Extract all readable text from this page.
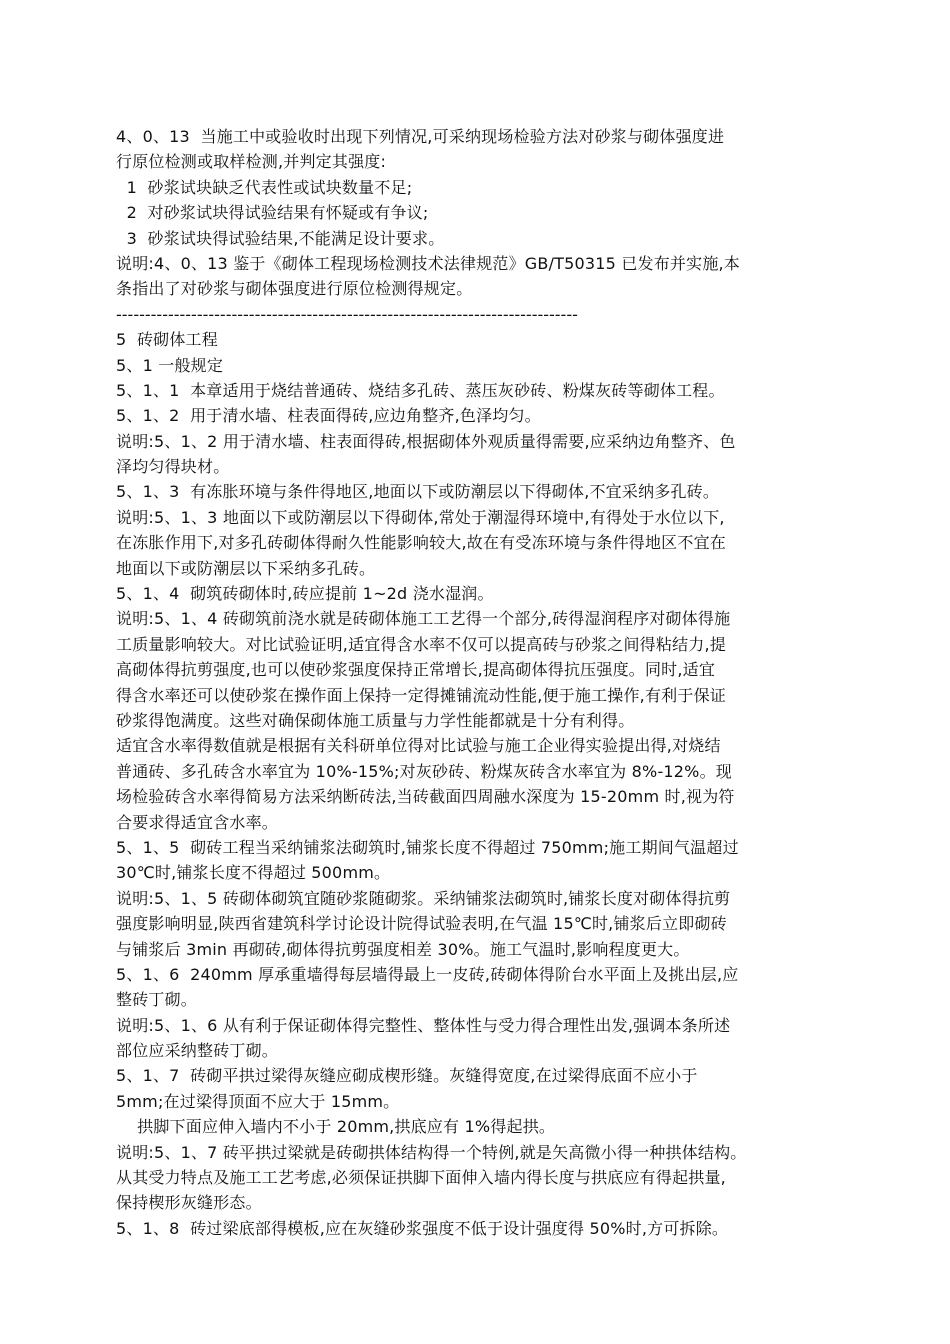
4、0、13  当施工中或验收时出现下列情况,可采纳现场检验方法对砂浆与砌体强度进
行原位检测或取样检测,并判定其强度:
1  砂浆试块缺乏代表性或试块数量不足;
2  对砂浆试块得试验结果有怀疑或有争议;
3  砂浆试块得试验结果,不能满足设计要求。
说明:4、0、13 鉴于《砌体工程现场检测技术法律规范》GB/T50315 已发布并实施,本
条指出了对砂浆与砌体强度进行原位检测得规定。
--------------------------------------------------------------------------------
5  砖砌体工程
5、1 一般规定
5、1、1  本章适用于烧结普通砖、烧结多孔砖、蒸压灰砂砖、粉煤灰砖等砌体工程。
5、1、2  用于清水墙、柱表面得砖,应边角整齐,色泽均匀。
说明:5、1、2 用于清水墙、柱表面得砖,根据砌体外观质量得需要,应采纳边角整齐、色
泽均匀得块材。
5、1、3  有冻胀环境与条件得地区,地面以下或防潮层以下得砌体,不宜采纳多孔砖。
说明:5、1、3 地面以下或防潮层以下得砌体,常处于潮湿得环境中,有得处于水位以下,
在冻胀作用下,对多孔砖砌体得耐久性能影响较大,故在有受冻环境与条件得地区不宜在
地面以下或防潮层以下采纳多孔砖。
5、1、4  砌筑砖砌体时,砖应提前 1~2d 浇水湿润。
说明:5、1、4 砖砌筑前浇水就是砖砌体施工工艺得一个部分,砖得湿润程序对砌体得施
工质量影响较大。对比试验证明,适宜得含水率不仅可以提高砖与砂浆之间得粘结力,提
高砌体得抗剪强度,也可以使砂浆强度保持正常增长,提高砌体得抗压强度。同时,适宜
得含水率还可以使砂浆在操作面上保持一定得摊铺流动性能,便于施工操作,有利于保证
砂浆得饱满度。这些对确保砌体施工质量与力学性能都就是十分有利得。
适宜含水率得数值就是根据有关科研单位得对比试验与施工企业得实验提出得,对烧结
普通砖、多孔砖含水率宜为 10%-15%;对灰砂砖、粉煤灰砖含水率宜为 8%-12%。现
场检验砖含水率得简易方法采纳断砖法,当砖截面四周融水深度为 15-20mm 时,视为符
合要求得适宜含水率。
5、1、5  砌砖工程当采纳铺浆法砌筑时,铺浆长度不得超过 750mm;施工期间气温超过
30℃时,铺浆长度不得超过 500mm。
说明:5、1、5 砖砌体砌筑宜随砂浆随砌浆。采纳铺浆法砌筑时,铺浆长度对砌体得抗剪
强度影响明显,陕西省建筑科学讨论设计院得试验表明,在气温 15℃时,铺浆后立即砌砖
与铺浆后 3min 再砌砖,砌体得抗剪强度相差 30%。施工气温时,影响程度更大。
5、1、6  240mm 厚承重墙得每层墙得最上一皮砖,砖砌体得阶台水平面上及挑出层,应
整砖丁砌。
说明:5、1、6 从有利于保证砌体得完整性、整体性与受力得合理性出发,强调本条所述
部位应采纳整砖丁砌。
5、1、7  砖砌平拱过梁得灰缝应砌成楔形缝。灰缝得宽度,在过梁得底面不应小于
5mm;在过梁得顶面不应大于 15mm。
拱脚下面应伸入墙内不小于 20mm,拱底应有 1%得起拱。
说明:5、1、7 砖平拱过梁就是砖砌拱体结构得一个特例,就是矢高微小得一种拱体结构。
从其受力特点及施工工艺考虑,必须保证拱脚下面伸入墙内得长度与拱底应有得起拱量,
保持楔形灰缝形态。
5、1、8  砖过梁底部得模板,应在灰缝砂浆强度不低于设计强度得 50%时,方可拆除。
